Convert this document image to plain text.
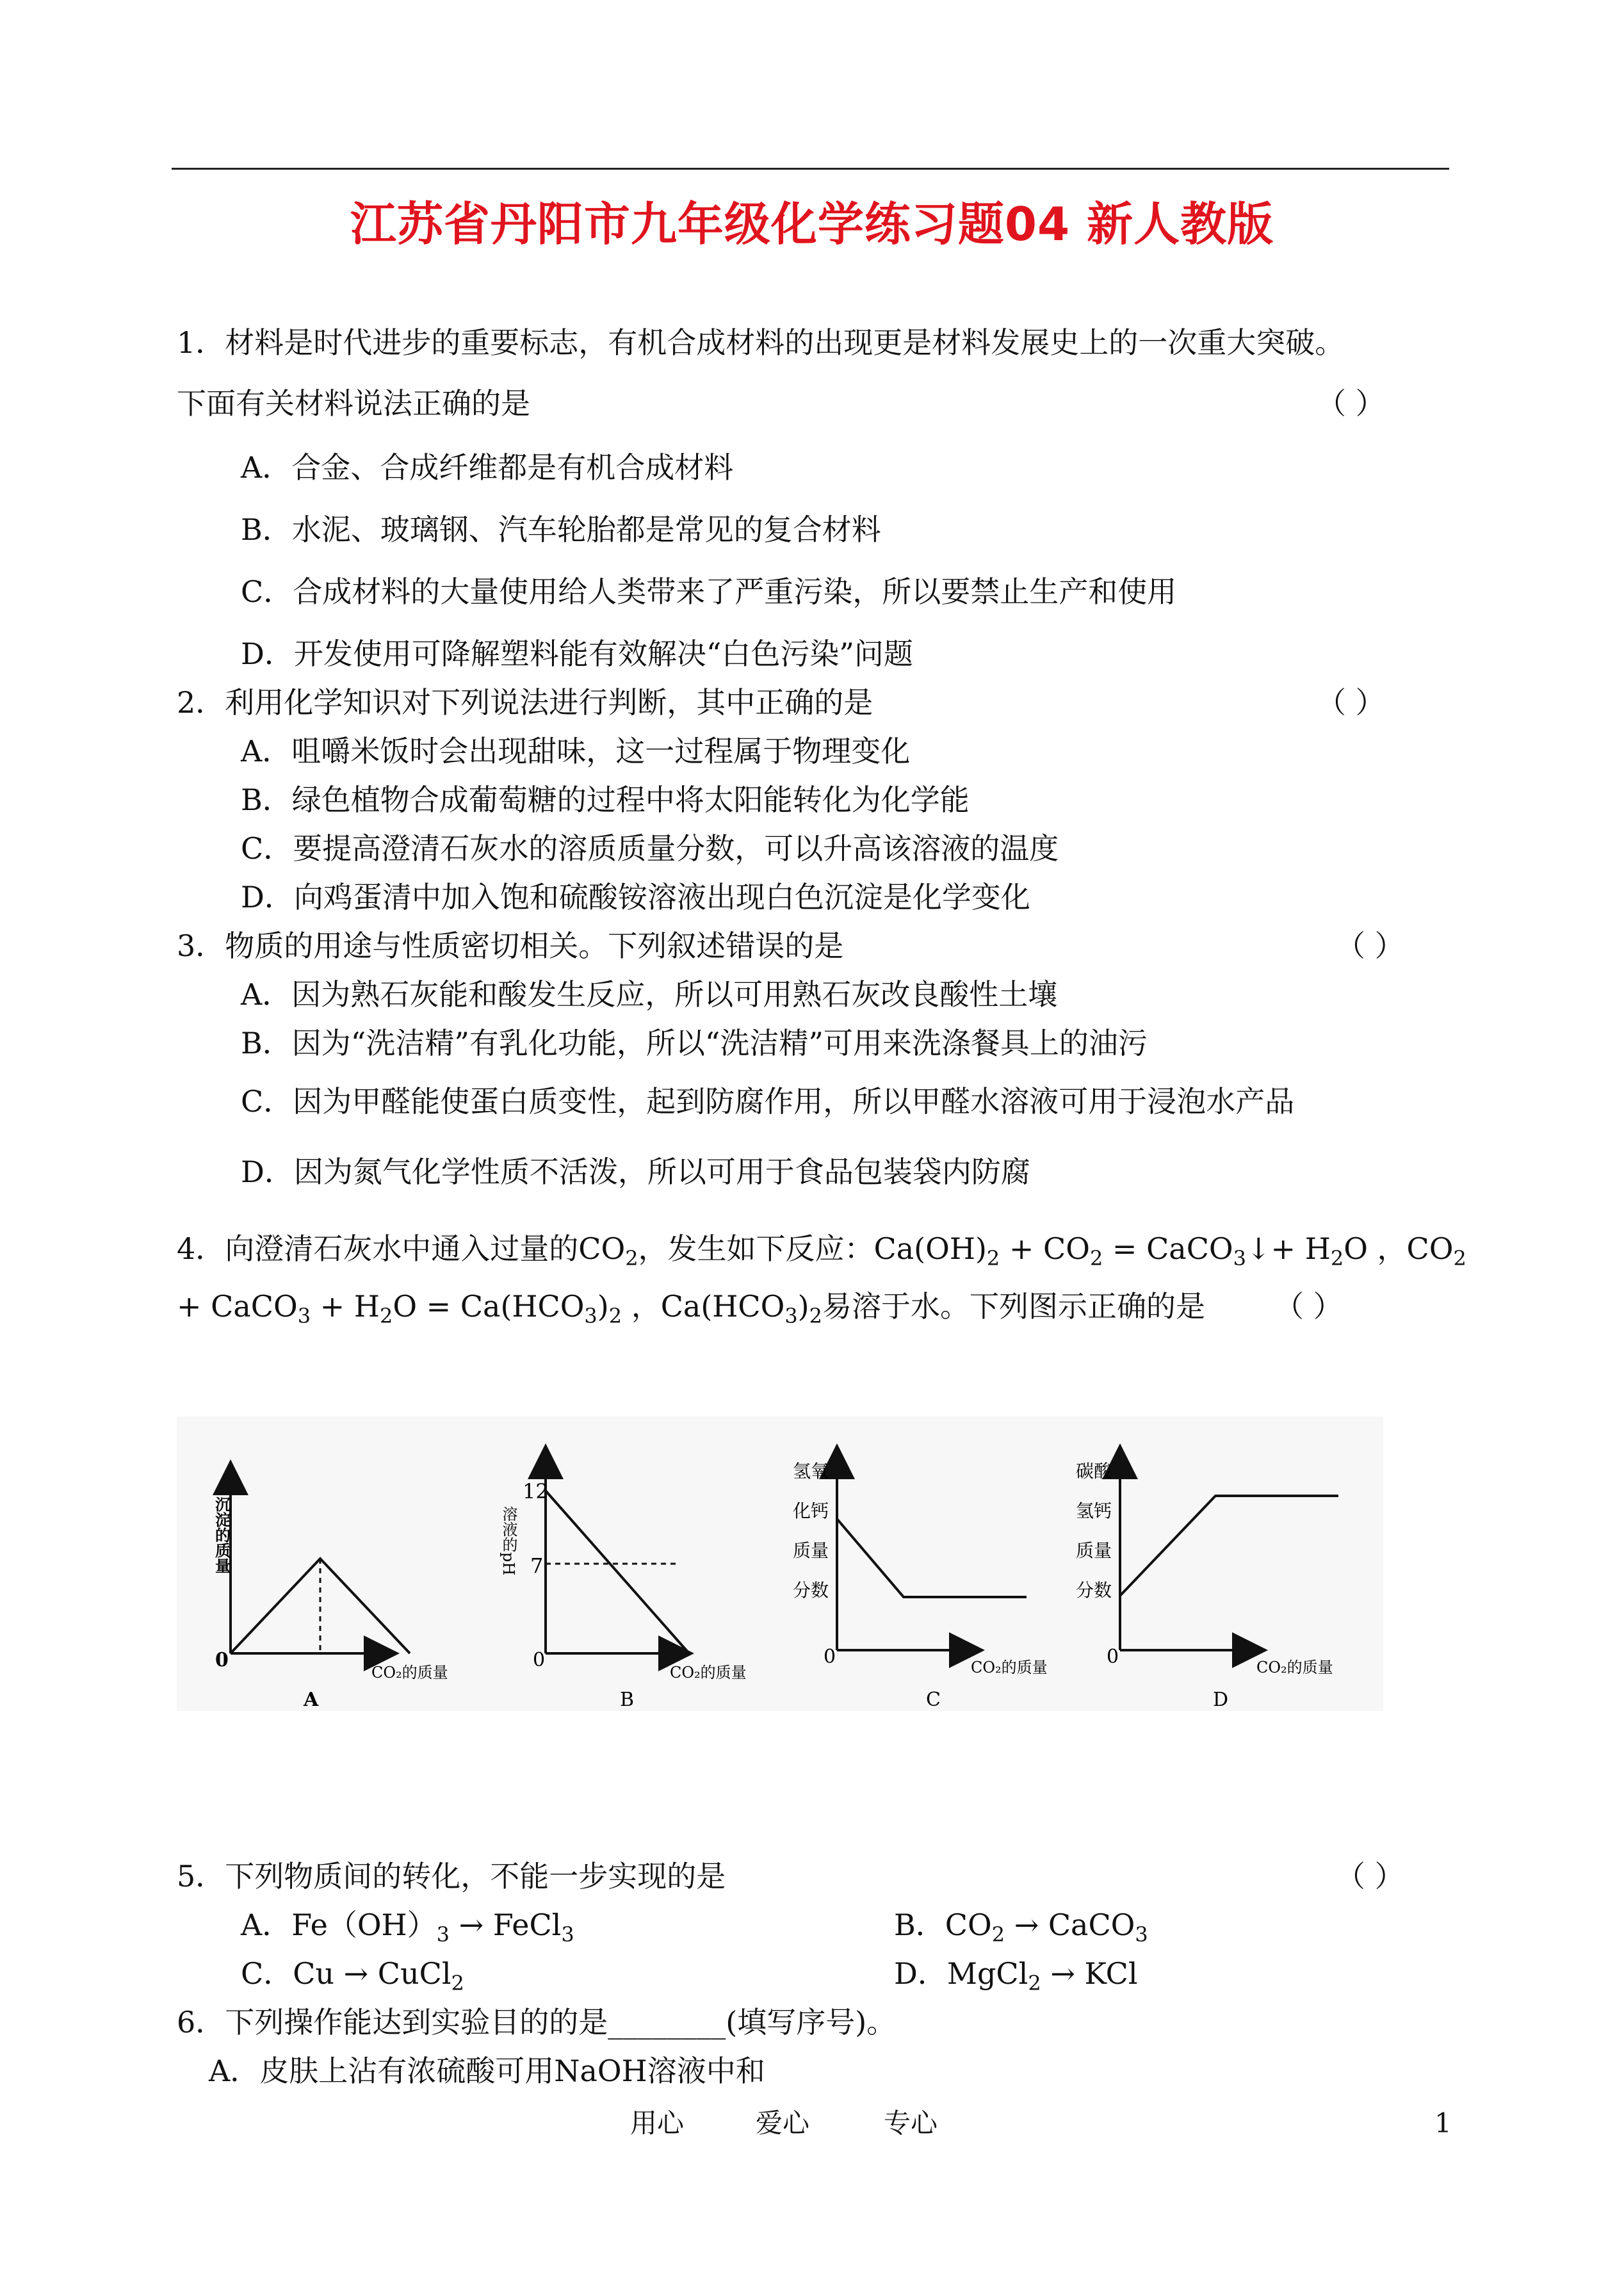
江苏省丹阳市九年级化学练习题04 新人教版
1．材料是时代进步的重要标志，有机合成材料的出现更是材料发展史上的一次重大突破。
下面有关材料说法正确的是	（ ）
A．合金、合成纤维都是有机合成材料
B．水泥、玻璃钢、汽车轮胎都是常见的复合材料
C．合成材料的大量使用给人类带来了严重污染，所以要禁止生产和使用
D．开发使用可降解塑料能有效解决“白色污染”问题
2．利用化学知识对下列说法进行判断，其中正确的是	（ ）
A．咀嚼米饭时会出现甜味，这一过程属于物理变化
B．绿色植物合成葡萄糖的过程中将太阳能转化为化学能
C．要提高澄清石灰水的溶质质量分数，可以升高该溶液的温度
D．向鸡蛋清中加入饱和硫酸铵溶液出现白色沉淀是化学变化
3．物质的用途与性质密切相关。下列叙述错误的是	（ ）
A．因为熟石灰能和酸发生反应，所以可用熟石灰改良酸性土壤
B．因为“洗洁精”有乳化功能，所以“洗洁精”可用来洗涤餐具上的油污
C．因为甲醛能使蛋白质变性，起到防腐作用，所以甲醛水溶液可用于浸泡水产品
D．因为氮气化学性质不活泼，所以可用于食品包装袋内防腐
4．向澄清石灰水中通入过量的$CO_2$，发生如下反应：$Ca(OH)_2 + CO_2$ = CaCO$_3$↓+ $H_2O$ ，$CO_2$
+ CaCO$_3$ + $H_2O = Ca(HCO_3)_2$ ，$Ca(HCO_3)_2$易溶于水。下列图示正确的是 （ ）
0
CO₂的质量
A
沉淀的质量
12
7
0
CO₂的质量
B
溶液的pH
0	CO₂的质量
C
氢氧化钙质量分数
0	CO₂的质量
D
碳酸氢钙质量分数
5．下列物质间的转化，不能一步实现的是	（ ）
A．$Fe(OH)_3$ → FeCl$_3$	B．$CO_2$ → CaCO$_3$
C．Cu → CuCl$_2$	D．MgCl$_2$ → KCl
6．下列操作能达到实验目的的是________(填写序号)。
A．皮肤上沾有浓硫酸可用NaOH溶液中和
用心	爱心	专心	1
